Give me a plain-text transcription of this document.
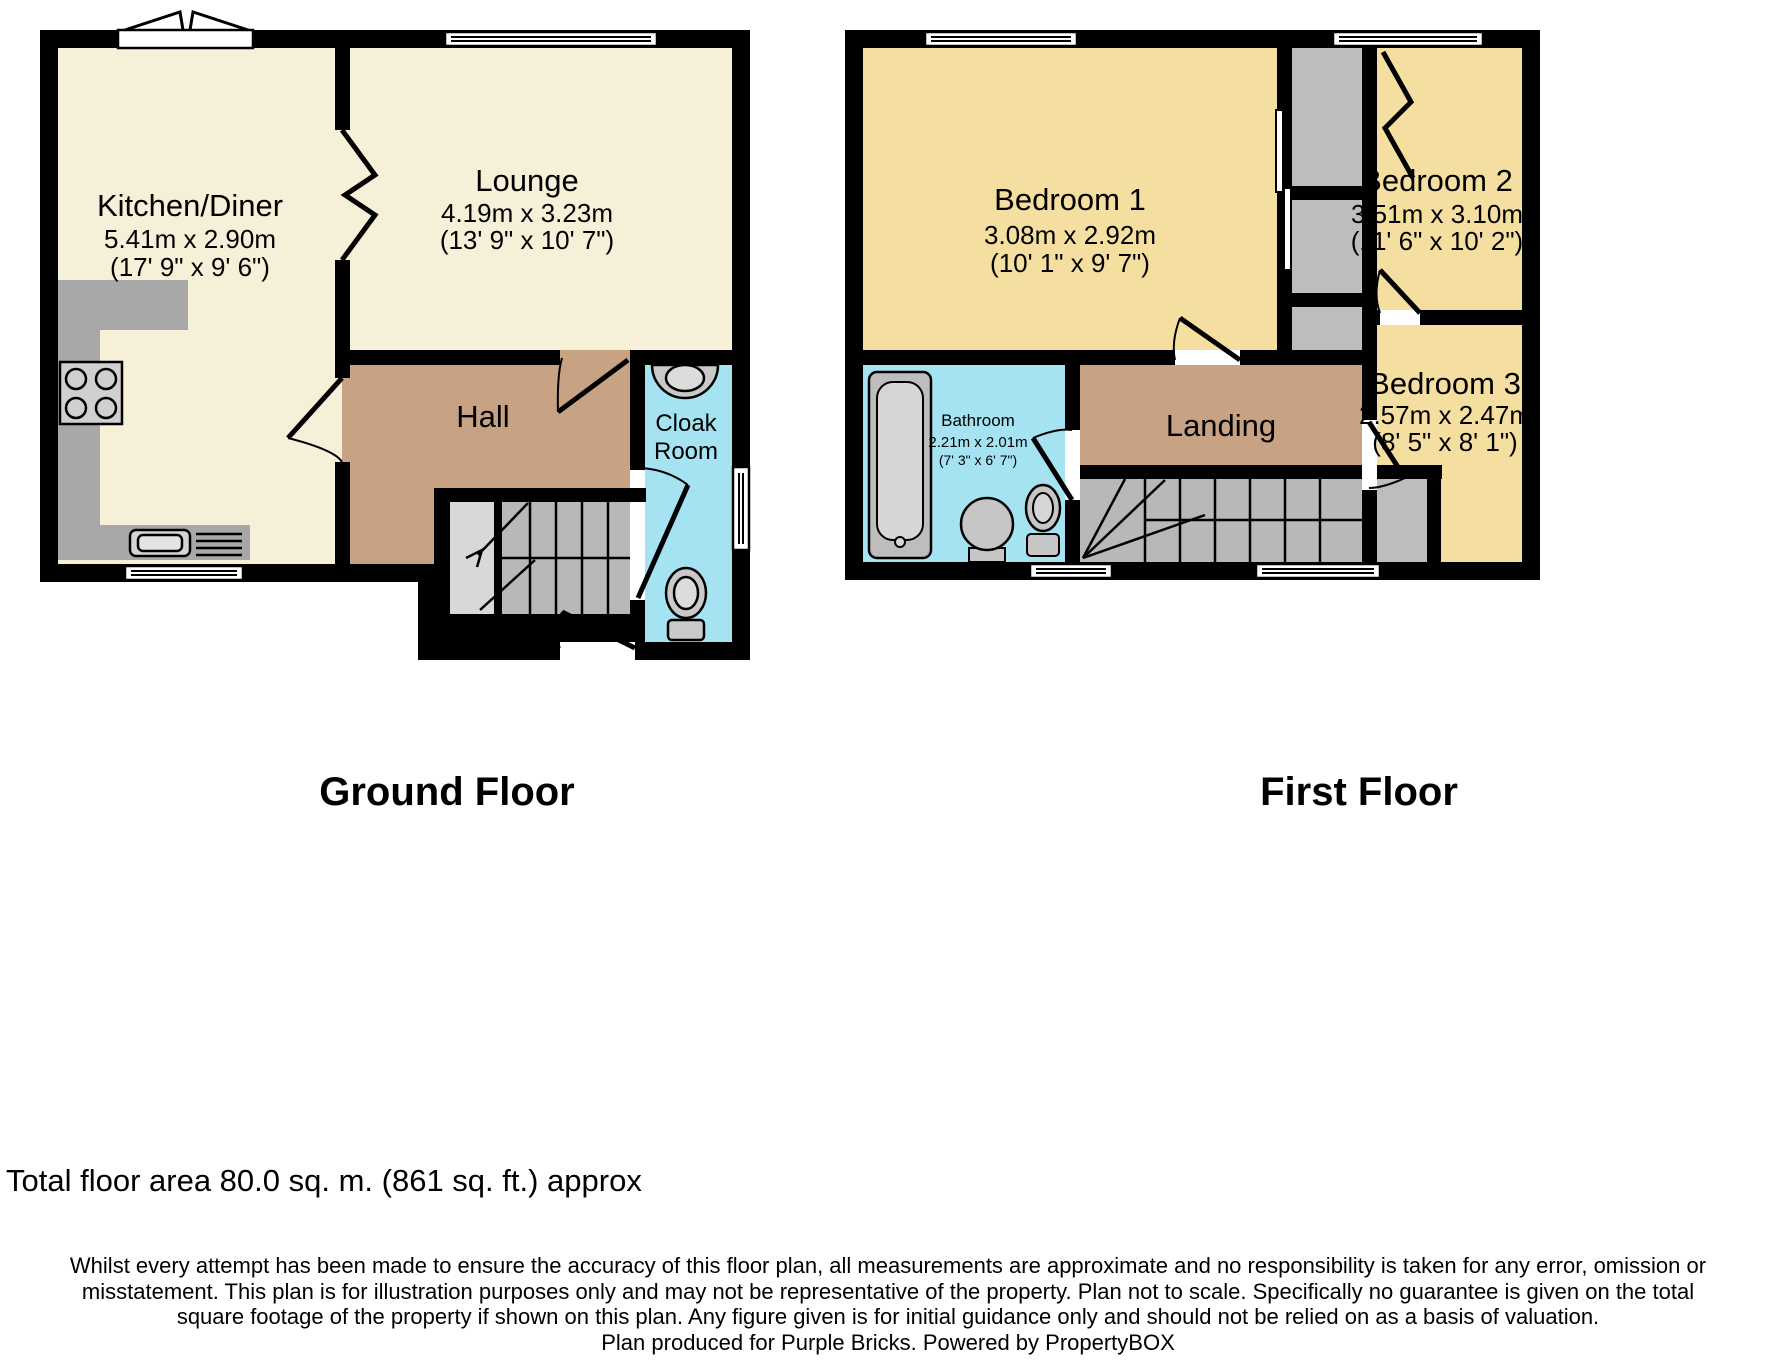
Kitchen/Diner
5.41m x 2.90m
(17' 9" x 9' 6")
Lounge
4.19m x 3.23m
(13' 9" x 10' 7")
Hall	Cloak
Room
Bedroom 1
3.08m x 2.92m
(10' 1" x 9' 7")
Bedroom 2
3.51m x 3.10m
(11' 6" x 10' 2")
Bedroom 3
2.57m x 2.47m
(8' 5" x 8' 1")
Bathroom
2.21m x 2.01m
(7' 3" x 6' 7")
Landing
Ground Floor	First Floor
Total floor area 80.0 sq. m. (861 sq. ft.) approx
Whilst every attempt has been made to ensure the accuracy of this floor plan, all measurements are approximate and no responsibility is taken for any error, omission or
misstatement. This plan is for illustration purposes only and may not be representative of the property. Plan not to scale. Specifically no guarantee is given on the total
square footage of the property if shown on this plan. Any figure given is for initial guidance only and should not be relied on as a basis of valuation.
Plan produced for Purple Bricks. Powered by PropertyBOX
